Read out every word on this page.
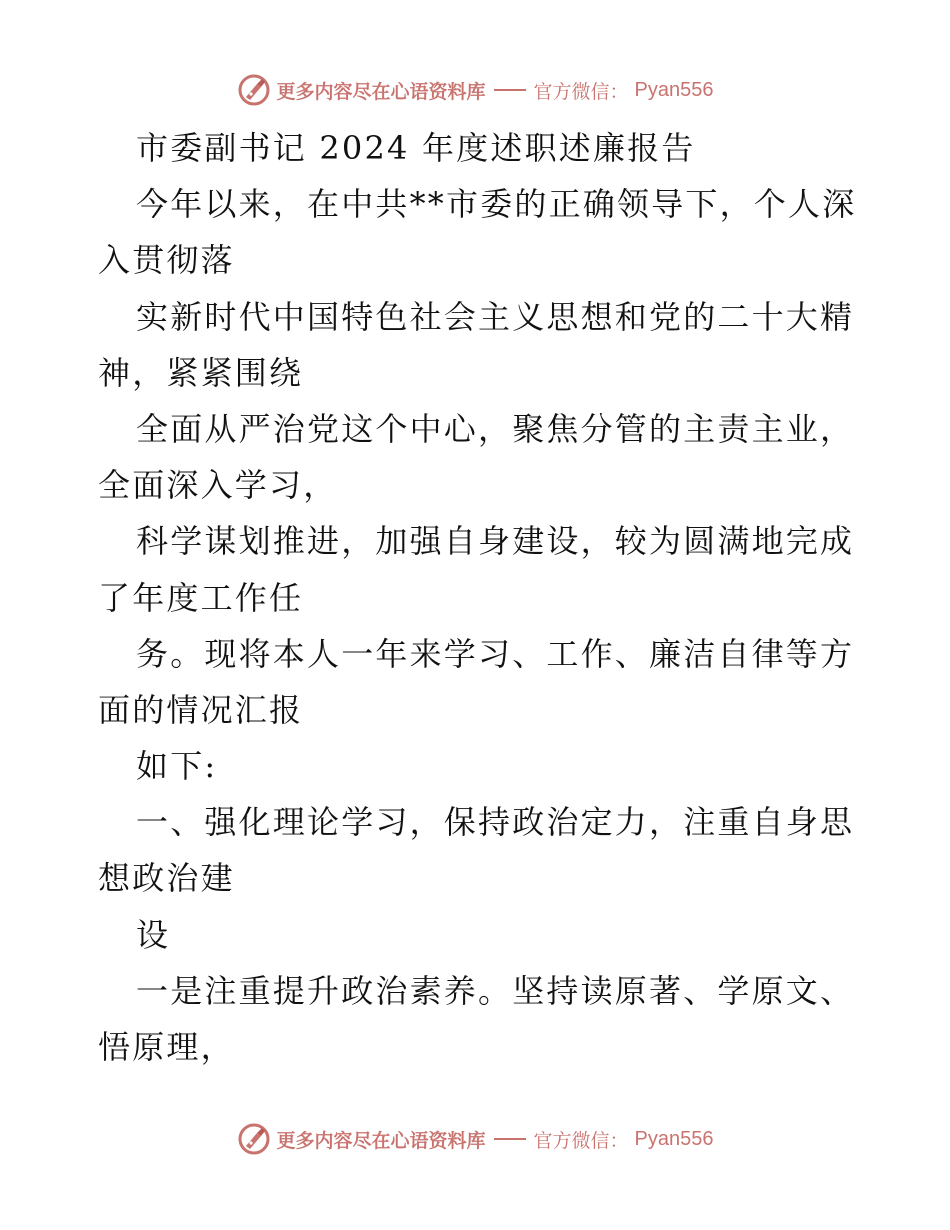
更多内容尽在心语资料库	官方微信： Pyan556
市委副书记 2024 年度述职述廉报告
今年以来，在中共**市委的正确领导下，个人深
入贯彻落
实新时代中国特色社会主义思想和党的二十大精
神，紧紧围绕
全面从严治党这个中心，聚焦分管的主责主业，
全面深入学习，
科学谋划推进，加强自身建设，较为圆满地完成
了年度工作任
务。现将本人一年来学习、工作、廉洁自律等方
面的情况汇报
如下:
一、强化理论学习，保持政治定力，注重自身思
想政治建
设
一是注重提升政治素养。坚持读原著、学原文、
悟原理，
更多内容尽在心语资料库	官方微信： Pyan556
